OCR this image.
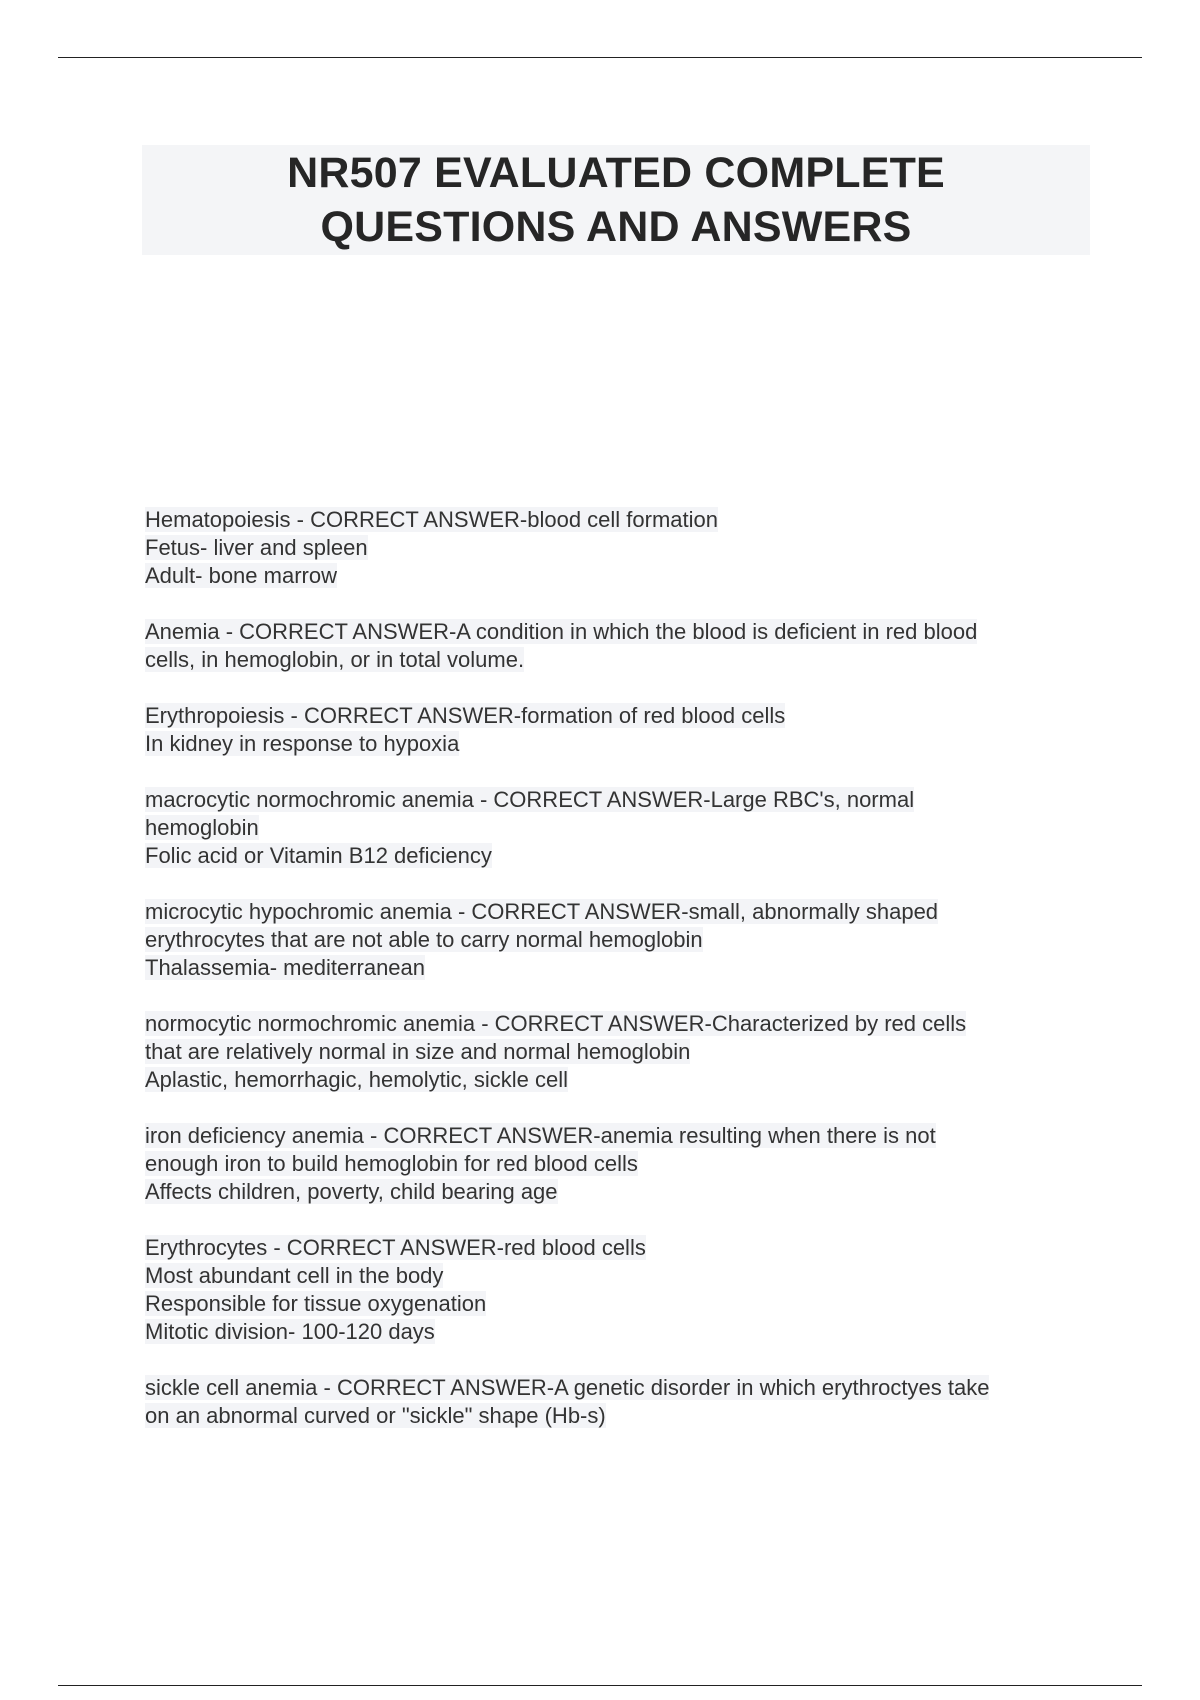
NR507 EVALUATED COMPLETE
QUESTIONS AND ANSWERS
Hematopoiesis - CORRECT ANSWER-blood cell formation
Fetus- liver and spleen
Adult- bone marrow
Anemia - CORRECT ANSWER-A condition in which the blood is deficient in red blood
cells, in hemoglobin, or in total volume.
Erythropoiesis - CORRECT ANSWER-formation of red blood cells
In kidney in response to hypoxia
macrocytic normochromic anemia - CORRECT ANSWER-Large RBC's, normal
hemoglobin
Folic acid or Vitamin B12 deficiency
microcytic hypochromic anemia - CORRECT ANSWER-small, abnormally shaped
erythrocytes that are not able to carry normal hemoglobin
Thalassemia- mediterranean
normocytic normochromic anemia - CORRECT ANSWER-Characterized by red cells
that are relatively normal in size and normal hemoglobin
Aplastic, hemorrhagic, hemolytic, sickle cell
iron deficiency anemia - CORRECT ANSWER-anemia resulting when there is not
enough iron to build hemoglobin for red blood cells
Affects children, poverty, child bearing age
Erythrocytes - CORRECT ANSWER-red blood cells
Most abundant cell in the body
Responsible for tissue oxygenation
Mitotic division- 100-120 days
sickle cell anemia - CORRECT ANSWER-A genetic disorder in which erythroctyes take
on an abnormal curved or "sickle" shape (Hb-s)
